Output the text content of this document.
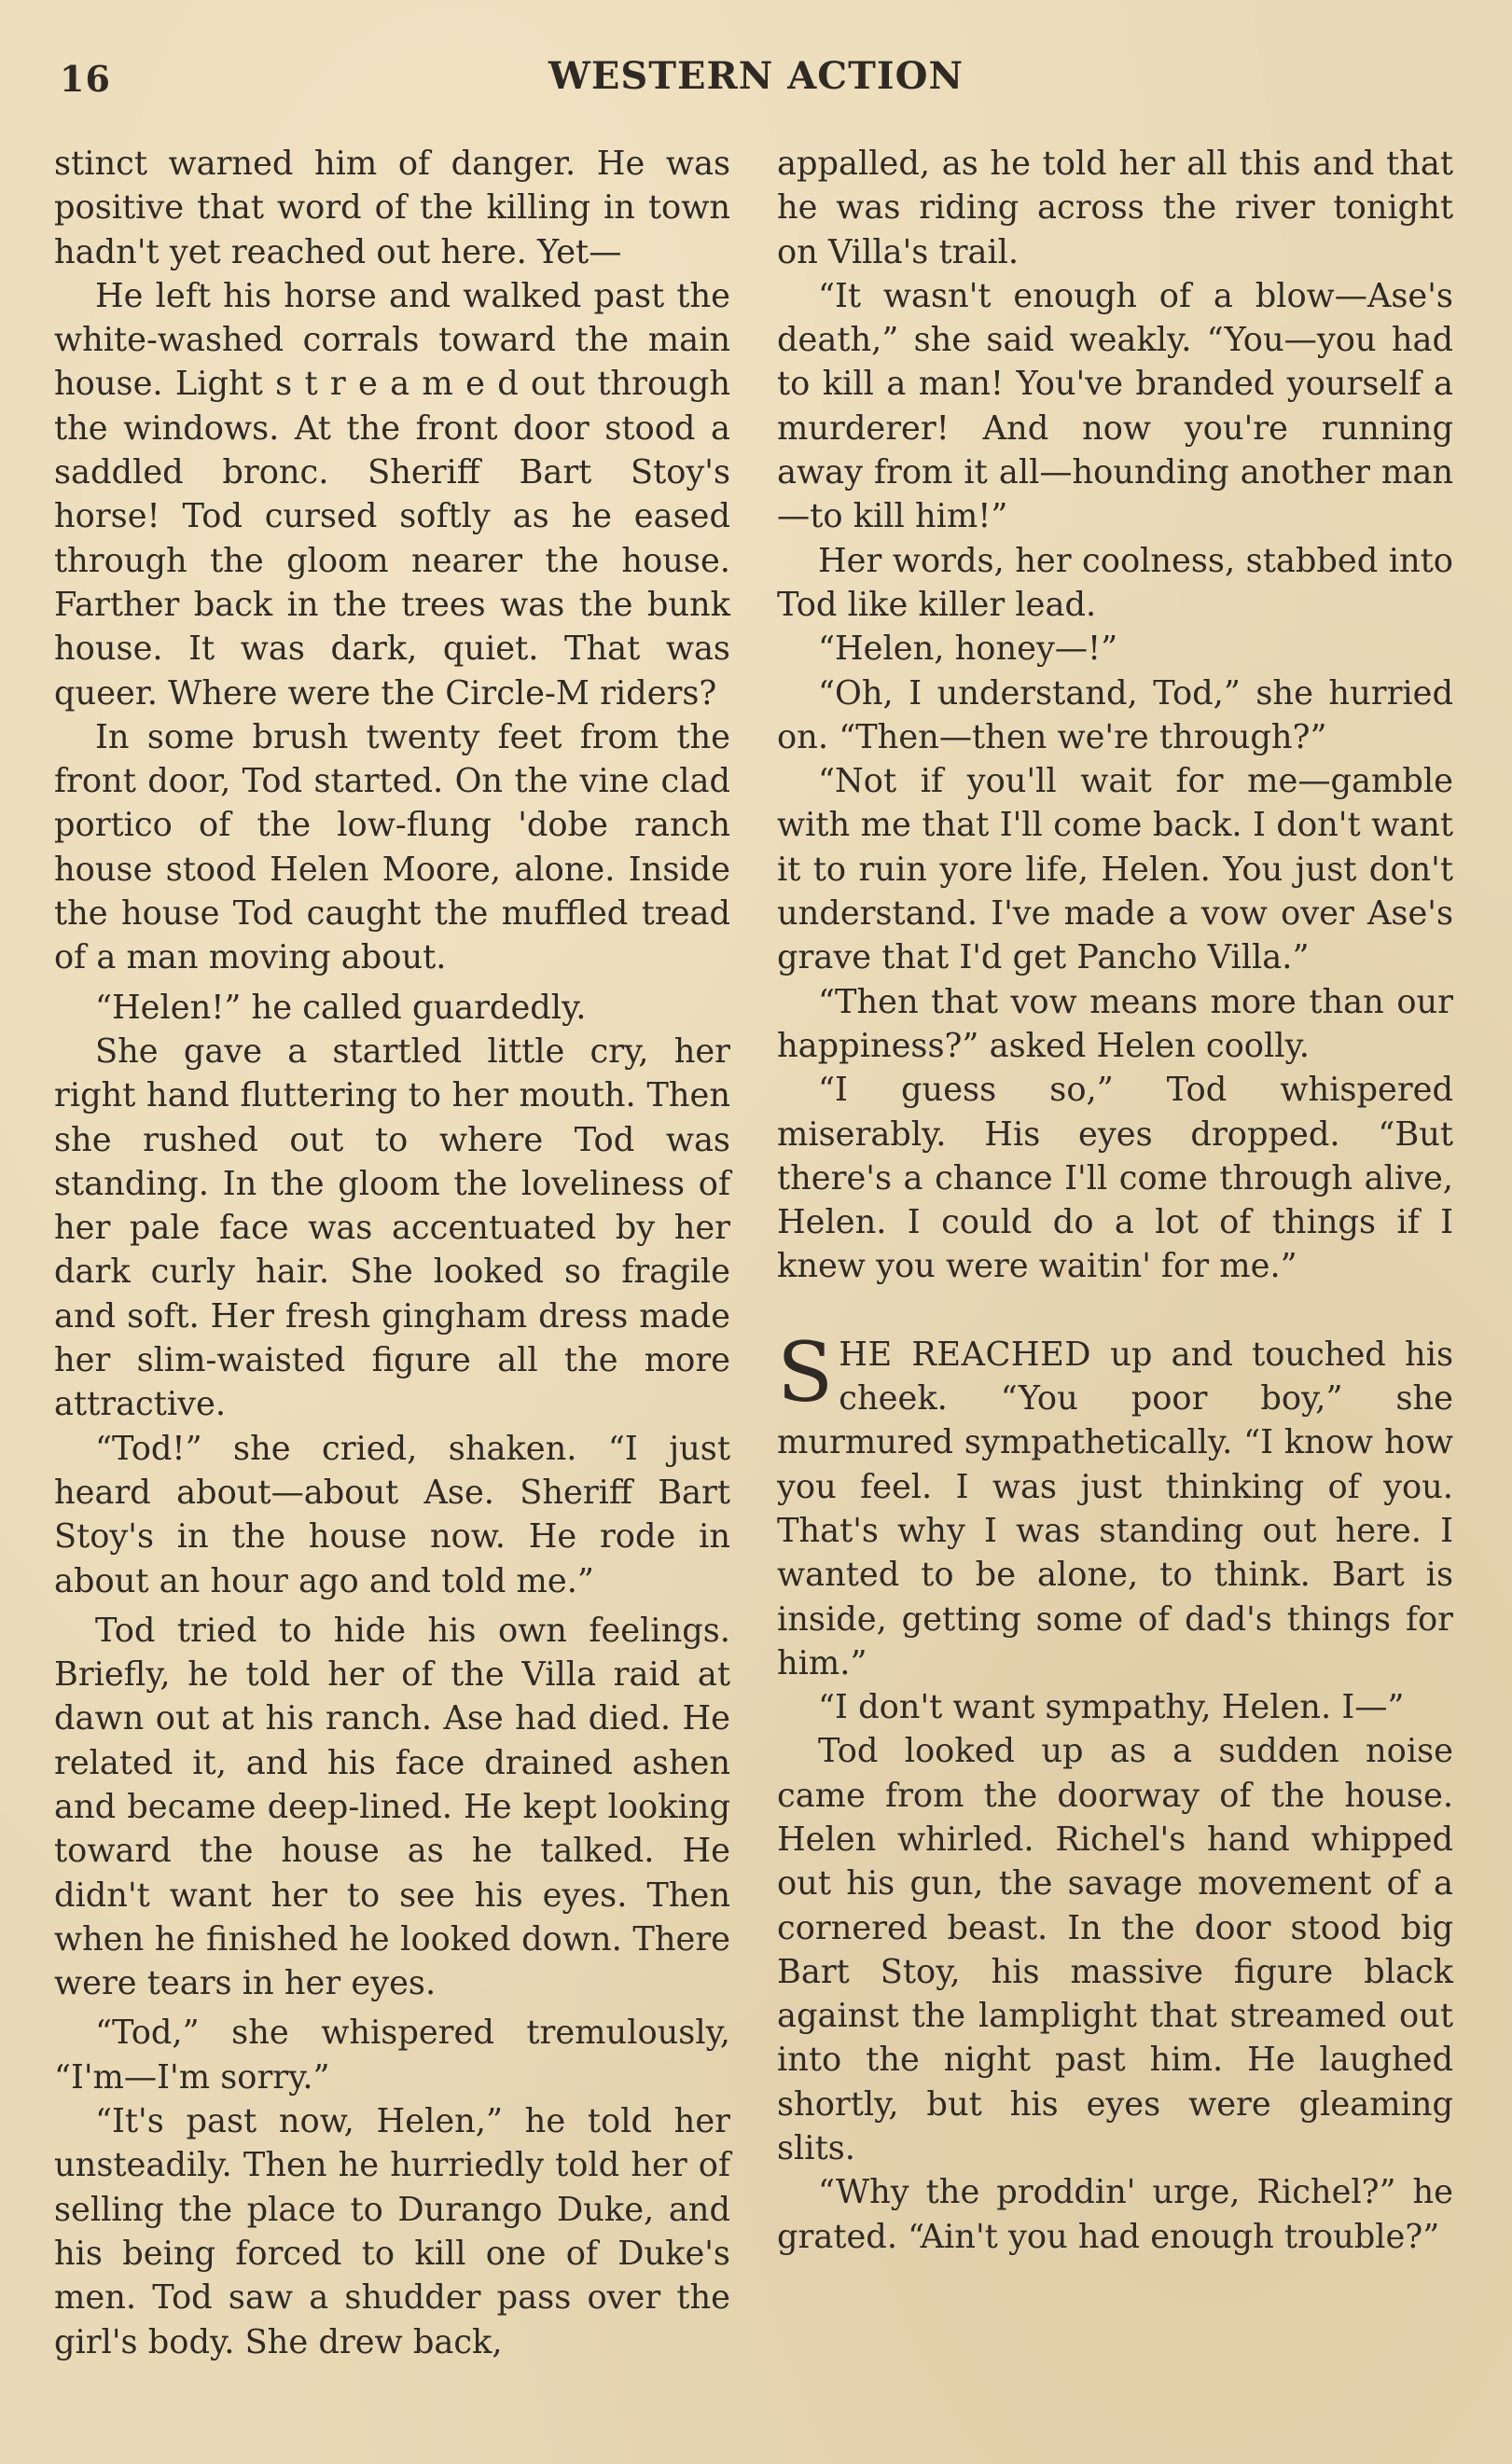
16	WESTERN ACTION

stinct warned him of danger. He was positive that word of the killing in town hadn't yet reached out here. Yet—

He left his horse and walked past the white-washed corrals toward the main house. Light s t r e a m e d out through the windows. At the front door stood a saddled bronc. Sheriff Bart Stoy's horse! Tod cursed softly as he eased through the gloom nearer the house. Farther back in the trees was the bunk house. It was dark, quiet. That was queer. Where were the Circle-M riders?

In some brush twenty feet from the front door, Tod started. On the vine clad portico of the low-flung 'dobe ranch house stood Helen Moore, alone. Inside the house Tod caught the muffled tread of a man moving about.

“Helen!” he called guardedly.

She gave a startled little cry, her right hand fluttering to her mouth. Then she rushed out to where Tod was standing. In the gloom the loveliness of her pale face was accentuated by her dark curly hair. She looked so fragile and soft. Her fresh gingham dress made her slim-waisted figure all the more attractive.

“Tod!” she cried, shaken. “I just heard about—about Ase. Sheriff Bart Stoy's in the house now. He rode in about an hour ago and told me.”

Tod tried to hide his own feelings. Briefly, he told her of the Villa raid at dawn out at his ranch. Ase had died. He related it, and his face drained ashen and became deep-lined. He kept looking toward the house as he talked. He didn't want her to see his eyes. Then when he finished he looked down. There were tears in her eyes.

“Tod,” she whispered tremulously, “I'm—I'm sorry.”

“It's past now, Helen,” he told her unsteadily. Then he hurriedly told her of selling the place to Durango Duke, and his being forced to kill one of Duke's men. Tod saw a shudder pass over the girl's body. She drew back,

appalled, as he told her all this and that he was riding across the river tonight on Villa's trail.

“It wasn't enough of a blow—Ase's death,” she said weakly. “You—you had to kill a man! You've branded yourself a murderer! And now you're running away from it all—hounding another man—to kill him!”

Her words, her coolness, stabbed into Tod like killer lead.

“Helen, honey—!”

“Oh, I understand, Tod,” she hurried on. “Then—then we're through?”

“Not if you'll wait for me—gamble with me that I'll come back. I don't want it to ruin yore life, Helen. You just don't understand. I've made a vow over Ase's grave that I'd get Pancho Villa.”

“Then that vow means more than our happiness?” asked Helen coolly.

“I guess so,” Tod whispered miserably. His eyes dropped. “But there's a chance I'll come through alive, Helen. I could do a lot of things if I knew you were waitin' for me.”

SHE REACHED up and touched his cheek. “You poor boy,” she murmured sympathetically. “I know how you feel. I was just thinking of you. That's why I was standing out here. I wanted to be alone, to think. Bart is inside, getting some of dad's things for him.”

“I don't want sympathy, Helen. I—”

Tod looked up as a sudden noise came from the doorway of the house. Helen whirled. Richel's hand whipped out his gun, the savage movement of a cornered beast. In the door stood big Bart Stoy, his massive figure black against the lamplight that streamed out into the night past him. He laughed shortly, but his eyes were gleaming slits.

“Why the proddin' urge, Richel?” he grated. “Ain't you had enough trouble?”
